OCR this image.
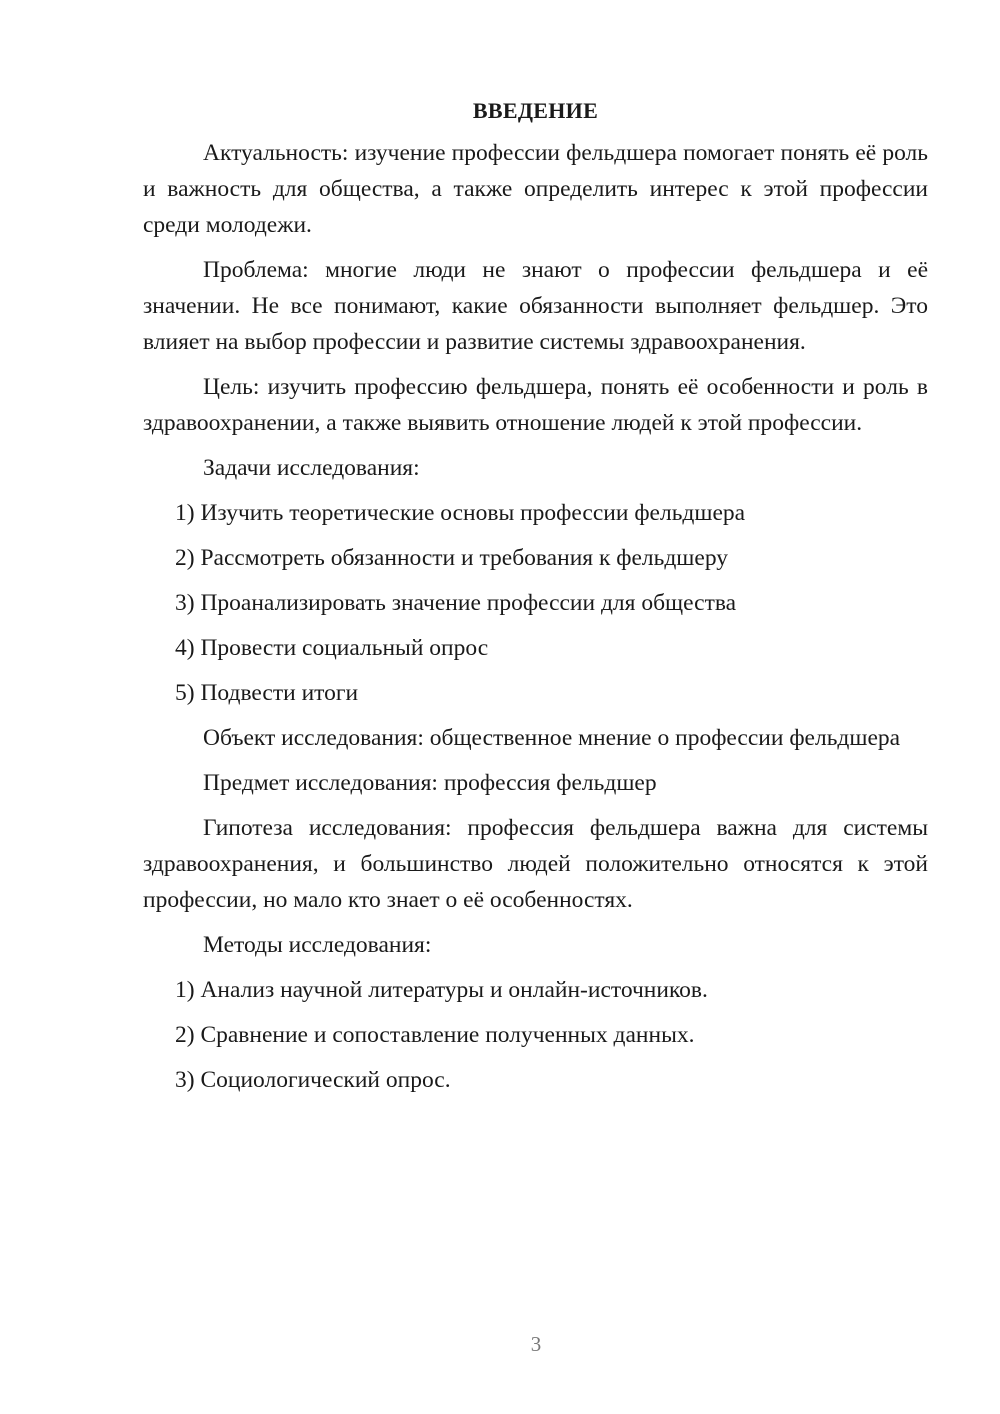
ВВЕДЕНИЕ

Актуальность: изучение профессии фельдшера помогает понять её роль и важность для общества, а также определить интерес к этой профессии среди молодежи.

Проблема: многие люди не знают о профессии фельдшера и её значении. Не все понимают, какие обязанности выполняет фельдшер. Это влияет на выбор профессии и развитие системы здравоохранения.

Цель: изучить профессию фельдшера, понять её особенности и роль в здравоохранении, а также выявить отношение людей к этой профессии.

Задачи исследования:
1) Изучить теоретические основы профессии фельдшера
2) Рассмотреть обязанности и требования к фельдшеру
3) Проанализировать значение профессии для общества
4) Провести социальный опрос
5) Подвести итоги

Объект исследования: общественное мнение о профессии фельдшера

Предмет исследования: профессия фельдшер

Гипотеза исследования: профессия фельдшера важна для системы здравоохранения, и большинство людей положительно относятся к этой профессии, но мало кто знает о её особенностях.

Методы исследования:
1) Анализ научной литературы и онлайн-источников.
2) Сравнение и сопоставление полученных данных.
3) Социологический опрос.
3
